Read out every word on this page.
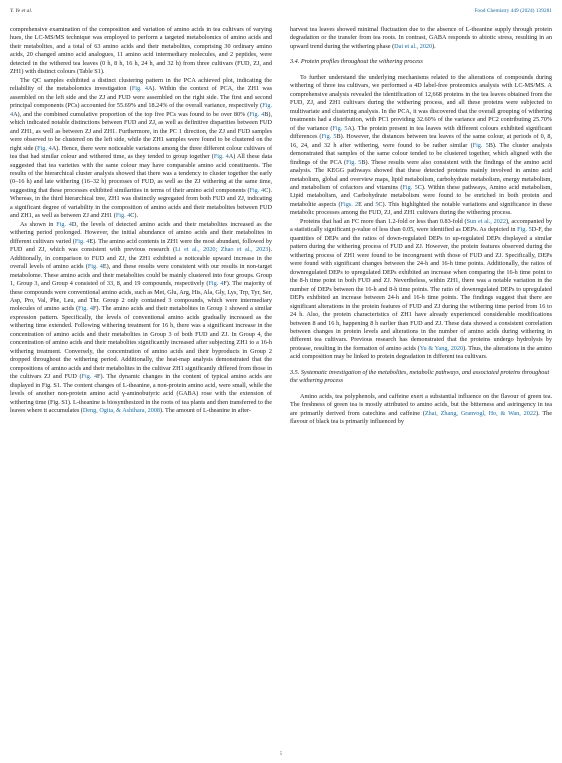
Y. Ye et al.	Food Chemistry 449 (2024) 139281

comprehensive examination of the composition and variation of amino acids in tea cultivars of varying hues, the LC-MS/MS technique was employed to perform a targeted metabolomics of amino acids and their metabolites, and a total of 63 amino acids and their metabolites, comprising 30 ordinary amino acids, 20 changed amino acid analogues, 11 amino acid intermediary molecules, and 2 peptides, were detected in the withered tea leaves (0 h, 8 h, 16 h, 24 h, and 32 h) from three cultivars (FUD, ZJ, and ZH1) with distinct colours (Table S1).

The QC samples exhibited a distinct clustering pattern in the PCA achieved plot, indicating the reliability of the metabolomics investigation (Fig. 4A). Within the context of PCA, the ZH1 was assembled on the left side and the ZJ and FUD were assembled on the right side. The first and second principal components (PCs) accounted for 55.69% and 18.24% of the overall variance, respectively (Fig. 4A), and the combined cumulative proportion of the top five PCs was found to be over 80% (Fig. 4B), which indicated notable distinctions between FUD and ZJ, as well as definitive disparities between FUD and ZH1, as well as between ZJ and ZH1. Furthermore, in the PC 1 direction, the ZJ and FUD samples were observed to be clustered on the left side, while the ZH1 samples were found to be clustered on the right side (Fig. 4A). Hence, there were noticeable variations among the three different colour cultivars of tea that had similar colour and withered time, as they tended to group together (Fig. 4A) All these data suggested that tea varieties with the same colour may have comparable amino acid constituents. The results of the hierarchical cluster analysis showed that there was a tendency to cluster together the early (0–16 h) and late withering (16–32 h) processes of FUD, as well as the ZJ withering at the same time, suggesting that these processes exhibited similarities in terms of their amino acid components (Fig. 4C). Whereas, in the third hierarchical tree, ZH1 was distinctly segregated from both FUD and ZJ, indicating a significant degree of variability in the composition of amino acids and their metabolites between FUD and ZH1, as well as between ZJ and ZH1 (Fig. 4C).

As shown in Fig. 4D, the levels of detected amino acids and their metabolites increased as the withering period prolonged. However, the initial abundance of amino acids and their metabolites in different cultivars varied (Fig. 4E). The amino acid contents in ZH1 were the most abundant, followed by FUD and ZJ, which was consistent with previous research (Li et al., 2020; Zhao et al., 2023). Additionally, in comparison to FUD and ZJ, the ZH1 exhibited a noticeable upward increase in the overall levels of amino acids (Fig. 4E), and these results were consistent with our results in non-target metabolome. These amino acids and their metabolites could be mainly clustered into four groups. Group 1, Group 3, and Group 4 consisted of 33, 8, and 19 compounds, respectively (Fig. 4F). The majority of these compounds were conventional amino acids, such as Met, Glu, Arg, His, Ala, Gly, Lys, Trp, Tyr, Ser, Asp, Pro, Val, Phe, Leu, and Thr. Group 2 only contained 3 compounds, which were intermediary molecules of amino acids (Fig. 4F). The amino acids and their metabolites in Group 1 showed a similar expression pattern. Specifically, the levels of conventional amino acids gradually increased as the withering time extended. Following withering treatment for 16 h, there was a significant increase in the concentration of amino acids and their metabolites in Group 3 of both FUD and ZJ. In Group 4, the concentration of amino acids and their metabolites significantly increased after subjecting ZH1 to a 16-h withering treatment. Conversely, the concentration of amino acids and their byproducts in Group 2 dropped throughout the withering period. Additionally, the heat-map analysis demonstrated that the compositions of amino acids and their metabolites in the cultivar ZH1 significantly differed from those in the cultivars ZJ and FUD (Fig. 4F). The dynamic changes in the content of typical amino acids are displayed in Fig. S1. The content changes of L-theanine, a non-protein amino acid, were small, while the levels of another non-protein amino acid γ-aminobutyric acid (GABA) rose with the extension of withering time (Fig. S1). L-theanine is biosynthesized in the roots of tea plants and then transferred to the leaves where it accumulates (Deng, Ogita, & Ashihara, 2008). The amount of L-theanine in after-

harvest tea leaves showed minimal fluctuation due to the absence of L-theanine supply through protein degradation or the transfer from tea roots. In contrast, GABA responds to abiotic stress, resulting in an upward trend during the withering phase (Dai et al., 2020).

3.4. Protein profiles throughout the withering process

To further understand the underlying mechanisms related to the alterations of compounds during withering of three tea cultivars, we performed a 4D label-free proteomics analysis with LC-MS/MS. A comprehensive analysis revealed the identification of 12,668 proteins in the tea leaves obtained from the FUD, ZJ, and ZH1 cultivars during the withering process, and all these proteins were subjected to multivariate and clustering analysis. In the PCA, it was discovered that the overall grouping of withering treatments had a distribution, with PC1 providing 32.60% of the variance and PC2 contributing 25.70% of the variance (Fig. 5A). The protein present in tea leaves with different colours exhibited significant differences (Fig. 5B). However, the distances between tea leaves of the same colour, at periods of 0, 8, 16, 24, and 32 h after withering, were found to be rather similar (Fig. 5B). The cluster analysis demonstrated that samples of the same colour tended to be clustered together, which aligned with the findings of the PCA (Fig. 5B). These results were also consistent with the findings of the amino acid analysis. The KEGG pathways showed that these detected proteins mainly involved in amino acid metabolism, global and overview maps, lipid metabolism, carbohydrate metabolism, energy metabolism, and metabolism of cofactors and vitamins (Fig. 5C). Within these pathways, Amino acid metabolism, Lipid metabolism, and Carbohydrate metabolism were found to be enriched in both protein and metabolite aspects (Figs. 2E and 5C). This highlighted the notable variations and significance in these metabolic processes among the FUD, ZJ, and ZH1 cultivars during the withering process.

Proteins that had an FC more than 1.2-fold or less than 0.83-fold (Sun et al., 2022), accompanied by a statistically significant p-value of less than 0.05, were identified as DEPs. As depicted in Fig. 5D-F, the quantities of DEPs and the ratios of down-regulated DEPs to up-regulated DEPs displayed a similar pattern during the withering process of FUD and ZJ. However, the protein features observed during the withering process of ZH1 were found to be incongruent with those of FUD and ZJ. Specifically, DEPs were found with significant changes between the 24-h and 16-h time points. Additionally, the ratios of downregulated DEPs to upregulated DEPs exhibited an increase when comparing the 16-h time point to the 8-h time point in both FUD and ZJ. Nevertheless, within ZH1, there was a notable variation in the number of DEPs between the 16-h and 8-h time points. The ratio of downregulated DEPs to upregulated DEPs exhibited an increase between 24-h and 16-h time points. The findings suggest that there are significant alterations in the protein features of FUD and ZJ during the withering time period from 16 to 24 h. Also, the protein characteristics of ZH1 have already experienced considerable modifications between 8 and 16 h, happening 8 h earlier than FUD and ZJ. These data showed a consistent correlation between changes in protein levels and alterations in the number of amino acids during withering in different tea cultivars. Previous research has demonstrated that the proteins undergo hydrolysis by protease, resulting in the formation of amino acids (Yu & Yang, 2020). Thus, the alterations in the amino acid composition may be linked to protein degradation in different tea cultivars.

3.5. Systematic investigation of the metabolites, metabolic pathways, and associated proteins throughout the withering process

Amino acids, tea polyphenols, and caffeine exert a substantial influence on the flavour of green tea. The freshness of green tea is mostly attributed to amino acids, but the bitterness and astringency in tea are primarily derived from catechins and caffeine (Zhai, Zhang, Granvogl, Ho, & Wan, 2022). The flavour of black tea is primarily influenced by

5
